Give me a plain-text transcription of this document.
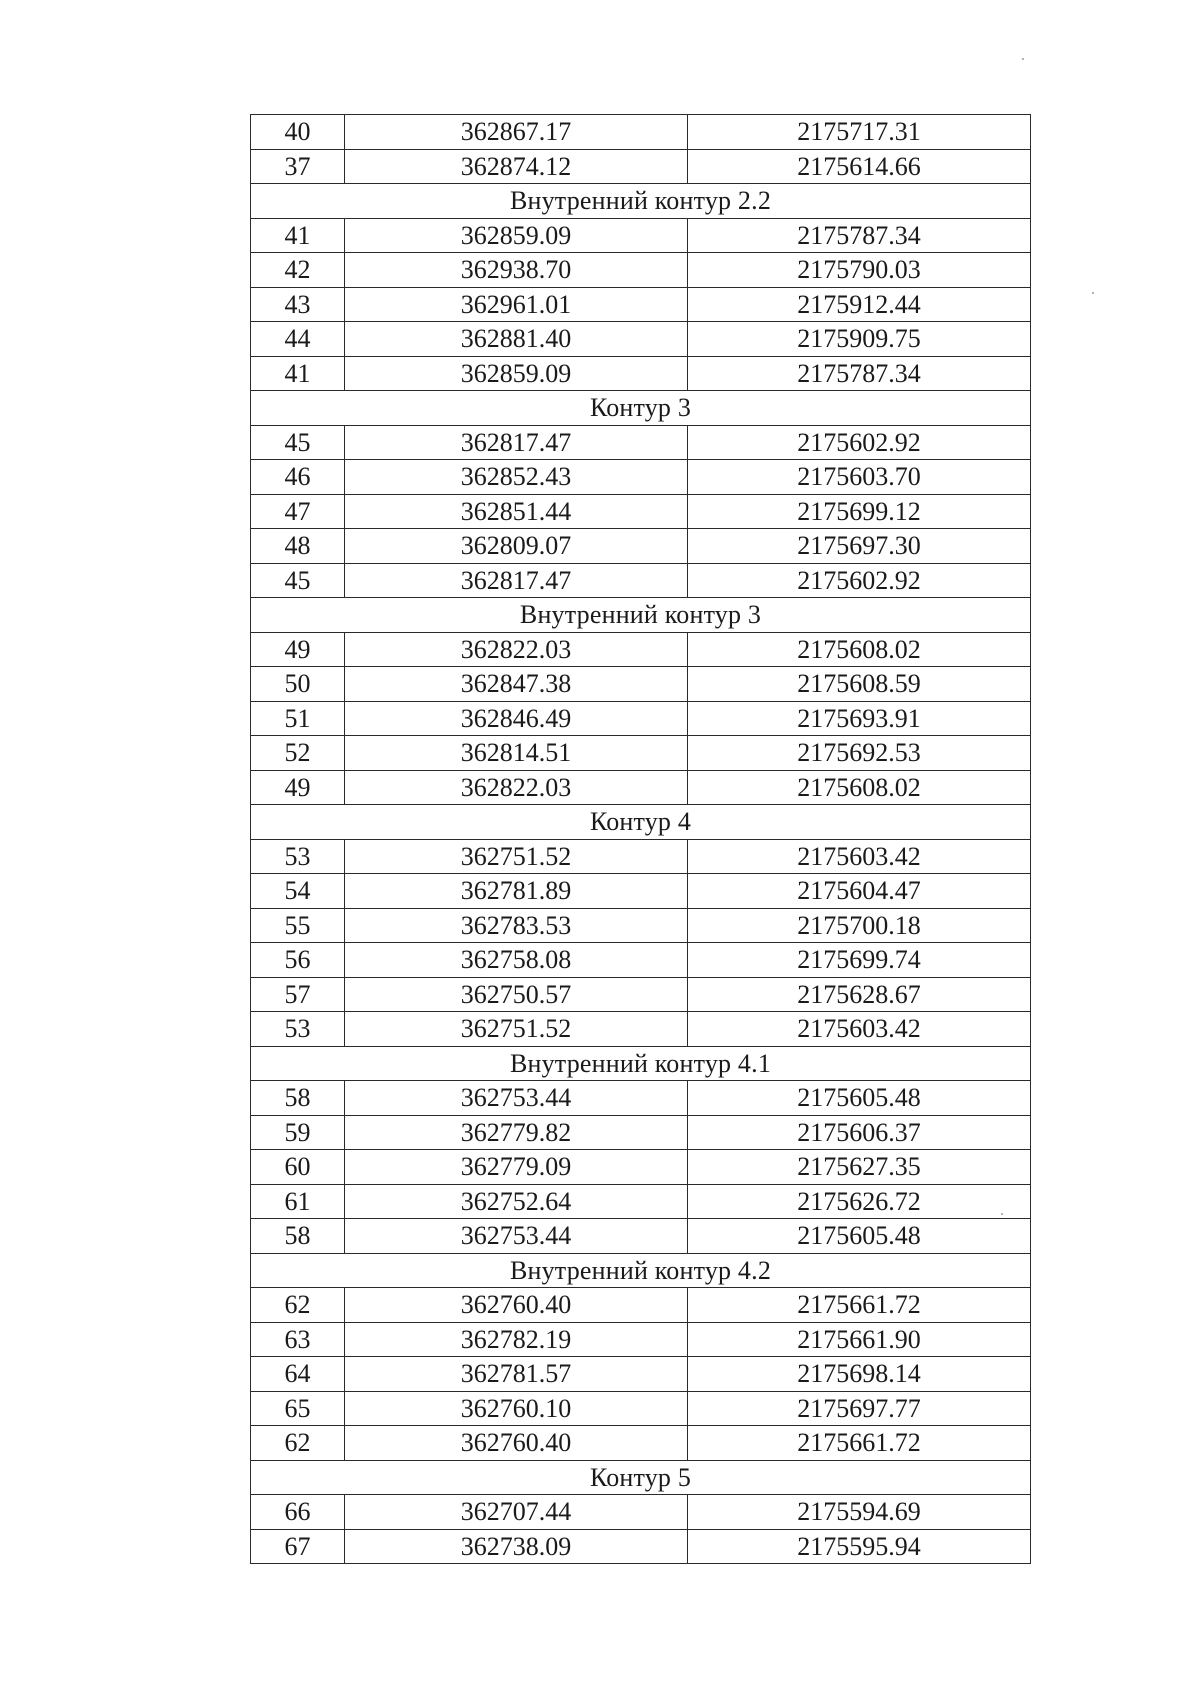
40	362867.17	2175717.31
37	362874.12	2175614.66
Внутренний контур 2.2		
41	362859.09	2175787.34
42	362938.70	2175790.03
43	362961.01	2175912.44
44	362881.40	2175909.75
41	362859.09	2175787.34
Контур 3		
45	362817.47	2175602.92
46	362852.43	2175603.70
47	362851.44	2175699.12
48	362809.07	2175697.30
45	362817.47	2175602.92
Внутренний контур 3		
49	362822.03	2175608.02
50	362847.38	2175608.59
51	362846.49	2175693.91
52	362814.51	2175692.53
49	362822.03	2175608.02
Контур 4		
53	362751.52	2175603.42
54	362781.89	2175604.47
55	362783.53	2175700.18
56	362758.08	2175699.74
57	362750.57	2175628.67
53	362751.52	2175603.42
Внутренний контур 4.1		
58	362753.44	2175605.48
59	362779.82	2175606.37
60	362779.09	2175627.35
61	362752.64	2175626.72
58	362753.44	2175605.48
Внутренний контур 4.2		
62	362760.40	2175661.72
63	362782.19	2175661.90
64	362781.57	2175698.14
65	362760.10	2175697.77
62	362760.40	2175661.72
Контур 5		
66	362707.44	2175594.69
67	362738.09	2175595.94
